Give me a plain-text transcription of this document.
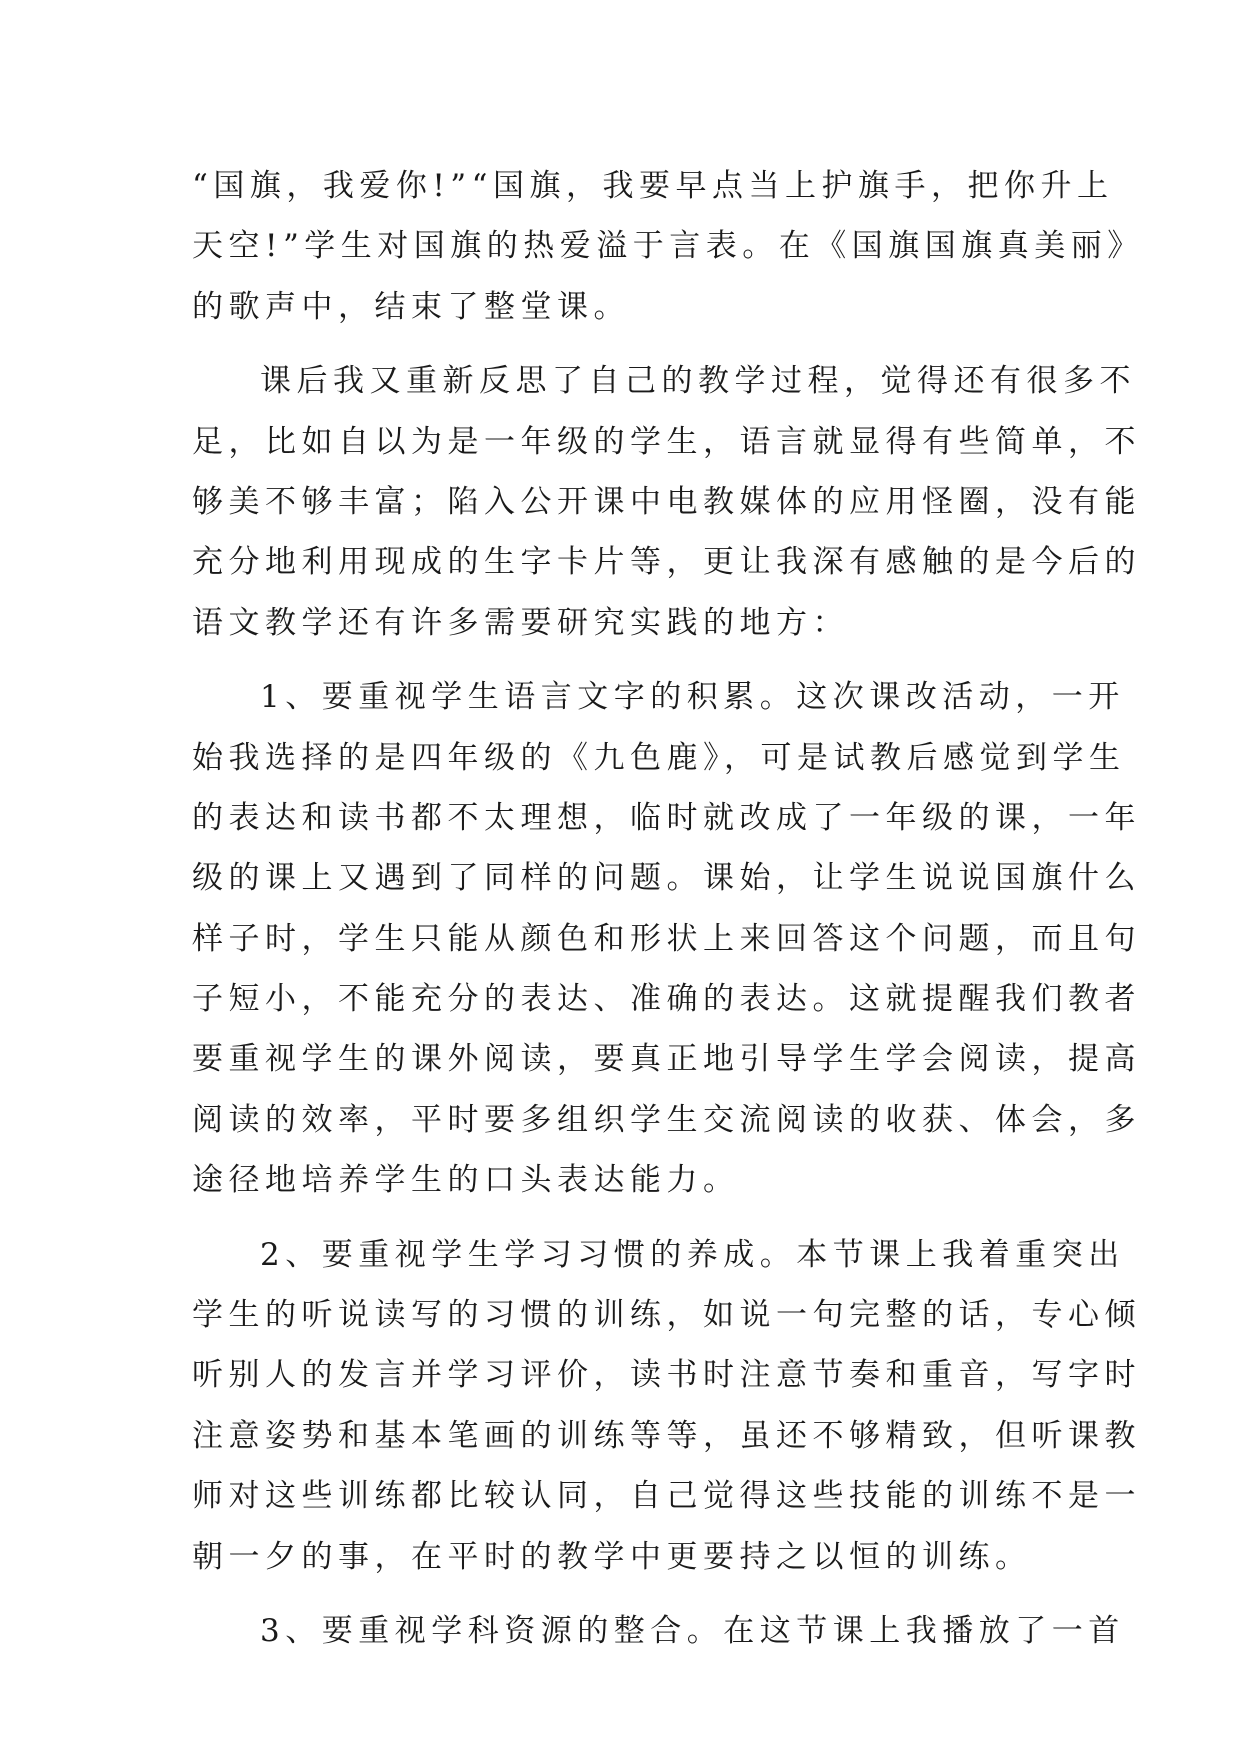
“国旗，我爱你!”“国旗，我要早点当上护旗手，把你升上
天空!”学生对国旗的热爱溢于言表。在《国旗国旗真美丽》
的歌声中，结束了整堂课。
课后我又重新反思了自己的教学过程，觉得还有很多不
足，比如自以为是一年级的学生，语言就显得有些简单，不
够美不够丰富；陷入公开课中电教媒体的应用怪圈，没有能
充分地利用现成的生字卡片等，更让我深有感触的是今后的
语文教学还有许多需要研究实践的地方：
1、要重视学生语言文字的积累。这次课改活动，一开
始我选择的是四年级的《九色鹿》，可是试教后感觉到学生
的表达和读书都不太理想，临时就改成了一年级的课，一年
级的课上又遇到了同样的问题。课始，让学生说说国旗什么
样子时，学生只能从颜色和形状上来回答这个问题，而且句
子短小，不能充分的表达、准确的表达。这就提醒我们教者
要重视学生的课外阅读，要真正地引导学生学会阅读，提高
阅读的效率，平时要多组织学生交流阅读的收获、体会，多
途径地培养学生的口头表达能力。
2、要重视学生学习习惯的养成。本节课上我着重突出
学生的听说读写的习惯的训练，如说一句完整的话，专心倾
听别人的发言并学习评价，读书时注意节奏和重音，写字时
注意姿势和基本笔画的训练等等，虽还不够精致，但听课教
师对这些训练都比较认同，自己觉得这些技能的训练不是一
朝一夕的事，在平时的教学中更要持之以恒的训练。
3、要重视学科资源的整合。在这节课上我播放了一首
